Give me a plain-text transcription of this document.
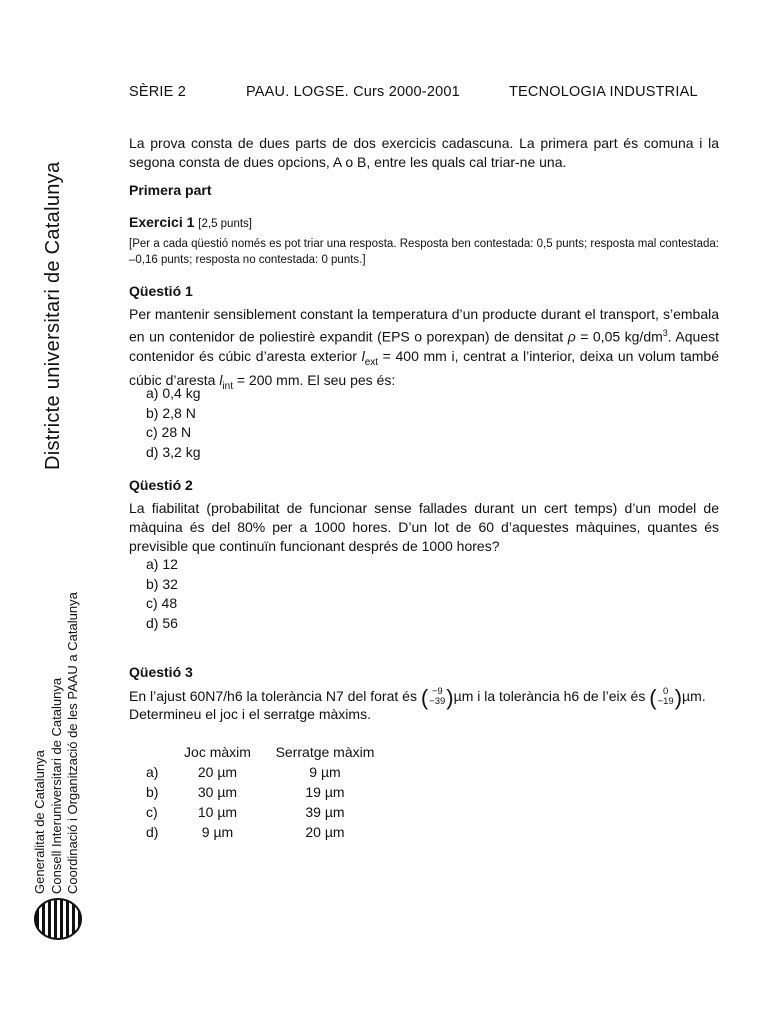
Districte universitari de Catalunya
Generalitat de Catalunya Consell Interuniversitari de Catalunya Coordinació i Organització de les PAAU a Catalunya
SÈRIE 2	PAAU. LOGSE. Curs 2000-2001	TECNOLOGIA INDUSTRIAL
La prova consta de dues parts de dos exercicis cadascuna. La primera part és comuna i la segona consta de dues opcions, A o B, entre les quals cal triar-ne una.
Primera part
Exercici 1 [2,5 punts]
[Per a cada qüestió només es pot triar una resposta. Resposta ben contestada: 0,5 punts; resposta mal contestada: –0,16 punts; resposta no contestada: 0 punts.]
Qüestió 1
Per mantenir sensiblement constant la temperatura d’un producte durant el transport, s’embala en un contenidor de poliestirè expandit (EPS o porexpan) de densitat ρ = 0,05 $kg/dm^3$. Aquest contenidor és cúbic d’aresta exterior $l_{ext} = 400$ mm i, centrat a l’interior, deixa un volum també cúbic d’aresta $l_{int} = 200$ mm. El seu pes és:
a) 0,4 kg
b) 2,8 N
c) 28 N
d) 3,2 kg
Qüestió 2
La fiabilitat (probabilitat de funcionar sense fallades durant un cert temps) d’un model de màquina és del 80% per a 1000 hores. D’un lot de 60 d’aquestes màquines, quantes és previsible que continuïn funcionant després de 1000 hores?
a) 12
b) 32
c) 48
d) 56
Qüestió 3
En l’ajust 60N7/h6 la tolerància N7 del forat és ( −9
−39 )µm i la tolerància h6 de l’eix és ( 0
−19 )µm.
Determineu el joc i el serratge màxims.
	Joc màxim	Serratge màxim
a)	20 µm	9 µm
b)	30 µm	19 µm
c)	10 µm	39 µm
d)	9 µm	20 µm
